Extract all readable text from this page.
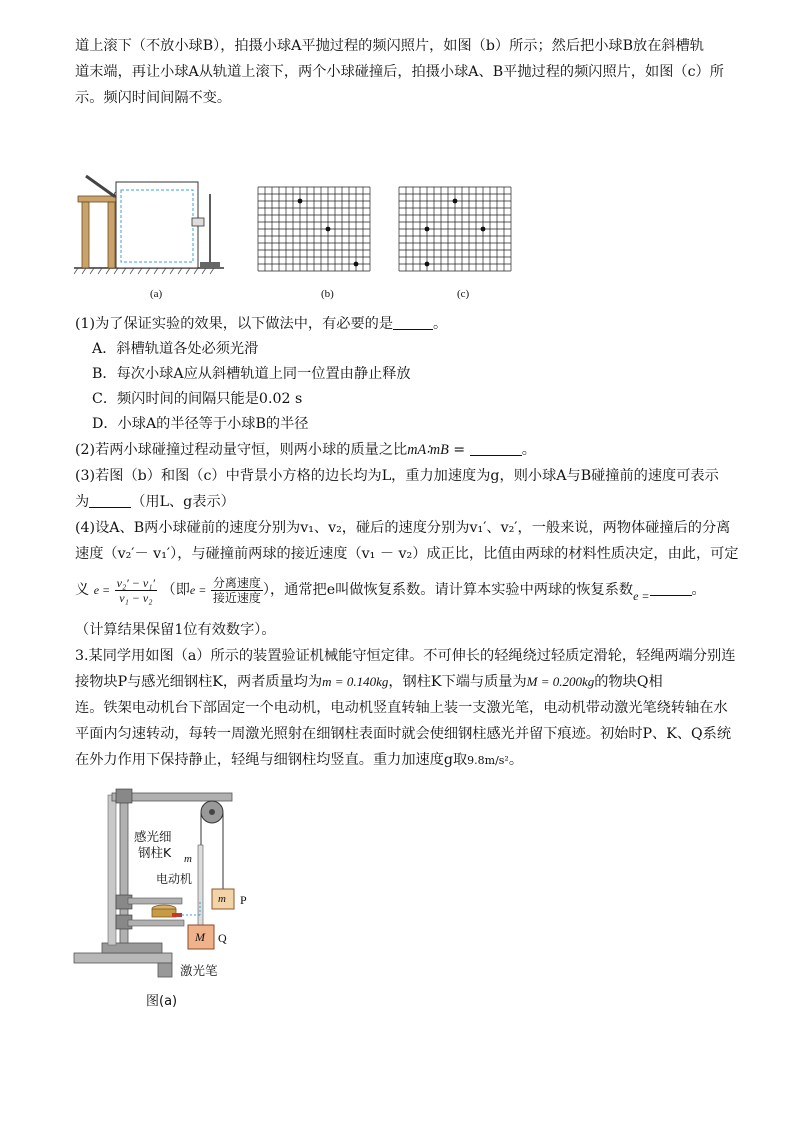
道上滚下（不放小球B），拍摄小球A平抛过程的频闪照片，如图（b）所示；然后把小球B放在斜槽轨
道末端，再让小球A从轨道上滚下，两个小球碰撞后，拍摄小球A、B平抛过程的频闪照片，如图（c）所
示。频闪时间间隔不变。
(a)	(b)	(c)
(1)为了保证实验的效果，以下做法中，有必要的是	。
A．斜槽轨道各处必须光滑
B．每次小球A应从斜槽轨道上同一位置由静止释放
C．频闪时间的间隔只能是0.02 s
D．小球A的半径等于小球B的半径
(2)若两小球碰撞过程动量守恒，则两小球的质量之比mA∶mB =	。
(3)若图（b）和图（c）中背景小方格的边长均为L，重力加速度为g，则小球A与B碰撞前的速度可表示
为	（用L、g表示）
(4)设A、B两小球碰前的速度分别为v₁、v₂，碰后的速度分别为v₁′、v₂′，一般来说，两物体碰撞后的分离
速度（v₂′－ v₁′），与碰撞前两球的接近速度（v₁ － v₂）成正比，比值由两球的材料性质决定，由此，可定
义 $e = \frac{\text{v₂′ − v₁′}}{\text{v₁ − v₂}}$ （即$e = \frac{\text{分离速度}}{\text{接近速度}}$ ），通常把e叫做恢复系数。请计算本实验中两球的恢复系数$_{e =}$	。
（计算结果保留1位有效数字）。
3.某同学用如图（a）所示的装置验证机械能守恒定律。不可伸长的轻绳绕过轻质定滑轮，轻绳两端分别连
接物块P与感光细钢柱K，两者质量均为m = 0.140kg，钢柱K下端与质量为M = 0.200kg的物块Q相
连。铁架电动机台下部固定一个电动机，电动机竖直转轴上装一支激光笔，电动机带动激光笔绕转轴在水
平面内匀速转动，每转一周激光照射在细钢柱表面时就会使细钢柱感光并留下痕迹。初始时P、K、Q系统
在外力作用下保持静止，轻绳与细钢柱均竖直。重力加速度g取9.8m/s²。
感光细
钢柱K m
电动机
m P
M Q
激光笔
图(a)
